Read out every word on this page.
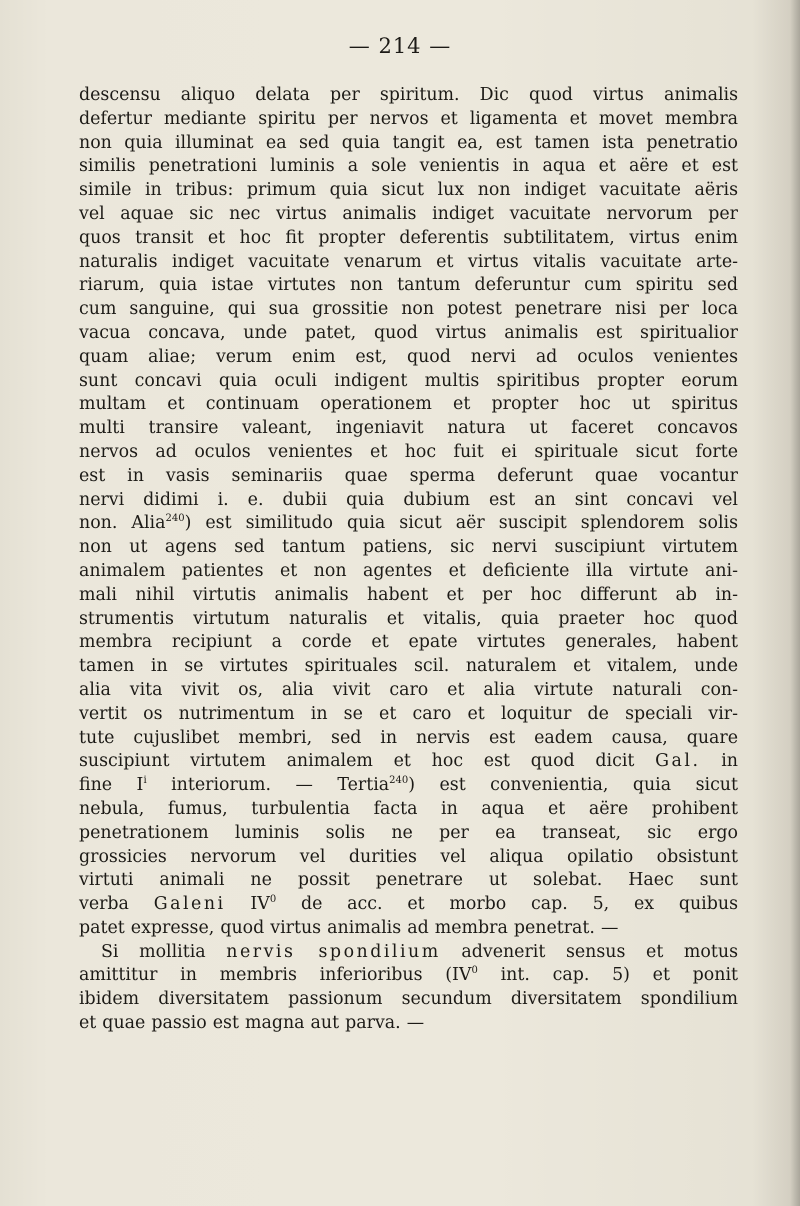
— 214 —
descensu aliquo delata per spiritum. Dic quod virtus animalis
defertur mediante spiritu per nervos et ligamenta et movet membra
non quia illuminat ea sed quia tangit ea, est tamen ista penetratio
similis penetrationi luminis a sole venientis in aqua et aëre et est
simile in tribus: primum quia sicut lux non indiget vacuitate aëris
vel aquae sic nec virtus animalis indiget vacuitate nervorum per
quos transit et hoc fit propter deferentis subtilitatem, virtus enim
naturalis indiget vacuitate venarum et virtus vitalis vacuitate arte-
riarum, quia istae virtutes non tantum deferuntur cum spiritu sed
cum sanguine, qui sua grossitie non potest penetrare nisi per loca
vacua concava, unde patet, quod virtus animalis est spiritualior
quam aliae; verum enim est, quod nervi ad oculos venientes
sunt concavi quia oculi indigent multis spiritibus propter eorum
multam et continuam operationem et propter hoc ut spiritus
multi transire valeant, ingeniavit natura ut faceret concavos
nervos ad oculos venientes et hoc fuit ei spirituale sicut forte
est in vasis seminariis quae sperma deferunt quae vocantur
nervi didimi i. e. dubii quia dubium est an sint concavi vel
non. Alia$^{240}$) est similitudo quia sicut aër suscipit splendorem solis
non ut agens sed tantum patiens, sic nervi suscipiunt virtutem
animalem patientes et non agentes et deficiente illa virtute ani-
mali nihil virtutis animalis habent et per hoc differunt ab in-
strumentis virtutum naturalis et vitalis, quia praeter hoc quod
membra recipiunt a corde et epate virtutes generales, habent
tamen in se virtutes spirituales scil. naturalem et vitalem, unde
alia vita vivit os, alia vivit caro et alia virtute naturali con-
vertit os nutrimentum in se et caro et loquitur de speciali vir-
tute cujuslibet membri, sed in nervis est eadem causa, quare
suscipiunt virtutem animalem et hoc est quod dicit Gal. in
fine $I^i$ interiorum. — Tertia$^{240}$) est convenientia, quia sicut
nebula, fumus, turbulentia facta in aqua et aëre prohibent
penetrationem luminis solis ne per ea transeat, sic ergo
grossicies nervorum vel durities vel aliqua opilatio obsistunt
virtuti animali ne possit penetrare ut solebat. Haec sunt
verba Galeni $IV^0$ de acc. et morbo cap. 5, ex quibus
patet expresse, quod virtus animalis ad membra penetrat. —
Si mollitia nervis spondilium advenerit sensus et motus
amittitur in membris inferioribus ($IV^0$ int. cap. 5) et ponit
ibidem diversitatem passionum secundum diversitatem spondilium
et quae passio est magna aut parva. —
